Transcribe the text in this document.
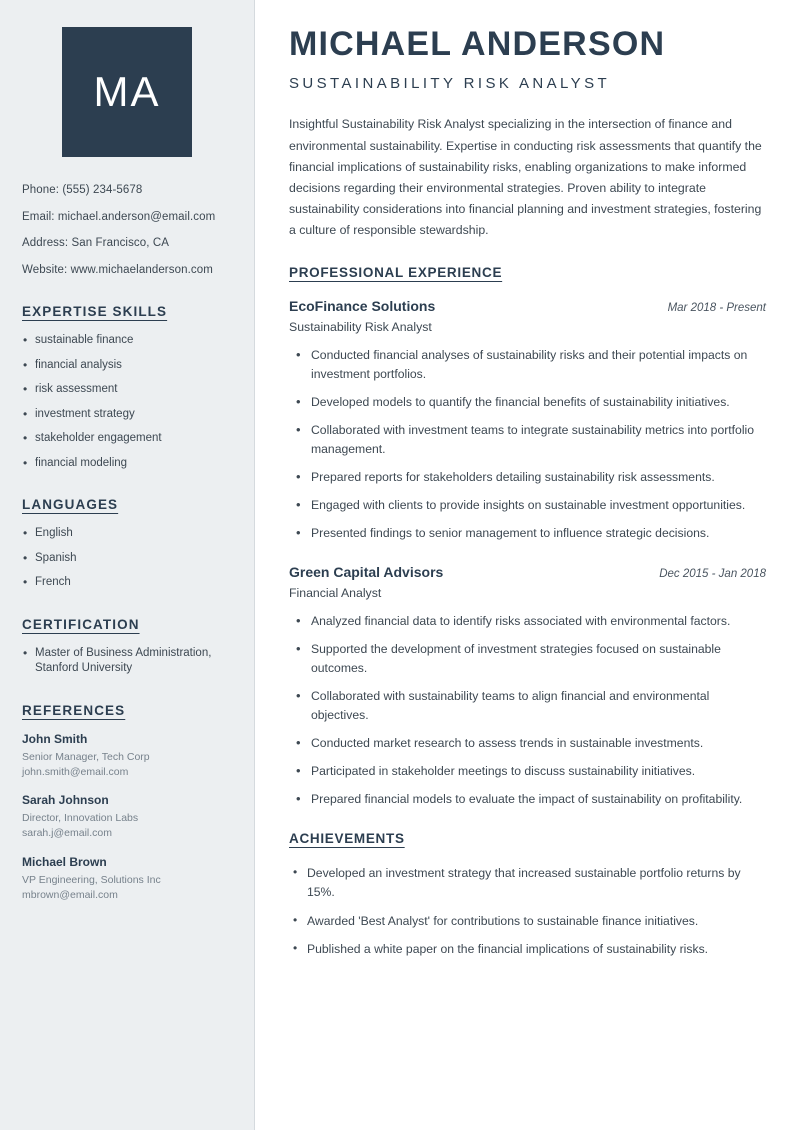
MA
Phone: (555) 234-5678
Email: michael.anderson@email.com
Address: San Francisco, CA
Website: www.michaelanderson.com
EXPERTISE SKILLS
• sustainable finance
• financial analysis
• risk assessment
• investment strategy
• stakeholder engagement
• financial modeling
LANGUAGES
• English
• Spanish
• French
CERTIFICATION
• Master of Business Administration, Stanford University
REFERENCES
John Smith
Senior Manager, Tech Corp
john.smith@email.com
Sarah Johnson
Director, Innovation Labs
sarah.j@email.com
Michael Brown
VP Engineering, Solutions Inc
mbrown@email.com
MICHAEL ANDERSON
SUSTAINABILITY RISK ANALYST

Insightful Sustainability Risk Analyst specializing in the intersection of finance and environmental sustainability. Expertise in conducting risk assessments that quantify the financial implications of sustainability risks, enabling organizations to make informed decisions regarding their environmental strategies. Proven ability to integrate sustainability considerations into financial planning and investment strategies, fostering a culture of responsible stewardship.

PROFESSIONAL EXPERIENCE
EcoFinance Solutions	Mar 2018 - Present
Sustainability Risk Analyst
• Conducted financial analyses of sustainability risks and their potential impacts on investment portfolios.
• Developed models to quantify the financial benefits of sustainability initiatives.
• Collaborated with investment teams to integrate sustainability metrics into portfolio management.
• Prepared reports for stakeholders detailing sustainability risk assessments.
• Engaged with clients to provide insights on sustainable investment opportunities.
• Presented findings to senior management to influence strategic decisions.
Green Capital Advisors	Dec 2015 - Jan 2018
Financial Analyst
• Analyzed financial data to identify risks associated with environmental factors.
• Supported the development of investment strategies focused on sustainable outcomes.
• Collaborated with sustainability teams to align financial and environmental objectives.
• Conducted market research to assess trends in sustainable investments.
• Participated in stakeholder meetings to discuss sustainability initiatives.
• Prepared financial models to evaluate the impact of sustainability on profitability.
ACHIEVEMENTS
• Developed an investment strategy that increased sustainable portfolio returns by 15%.
• Awarded 'Best Analyst' for contributions to sustainable finance initiatives.
• Published a white paper on the financial implications of sustainability risks.
